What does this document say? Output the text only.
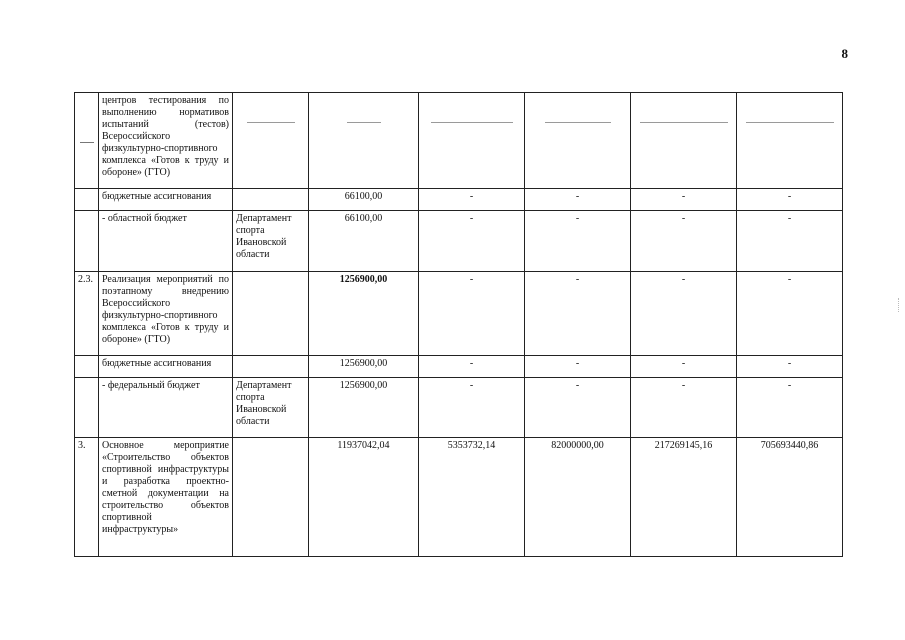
8
	центров тестирования по выполнению нормативов испытаний (тестов) Всероссийского физкультурно-спортивного комплекса «Готов к труду и обороне» (ГТО)	

	бюджетные ассигнования		66100,00	-	-	-	-
	- областной бюджет	Департамент спорта Ивановской области	66100,00	-	-	-	-
2.3.	Реализация мероприятий по поэтапному внедрению Всероссийского физкультурно-спортивного комплекса «Готов к труду и обороне» (ГТО)		1256900,00	-	-	-	-
	бюджетные ассигнования		1256900,00	-	-	-	-
	- федеральный бюджет	Департамент спорта Ивановской области	1256900,00	-	-	-	-
3.	Основное мероприятие «Строительство объектов спортивной инфраструктуры и разработка проектно-сметной документации на строительство объектов спортивной инфраструктуры»		11937042,04	5353732,14	82000000,00	217269145,16	705693440,86
